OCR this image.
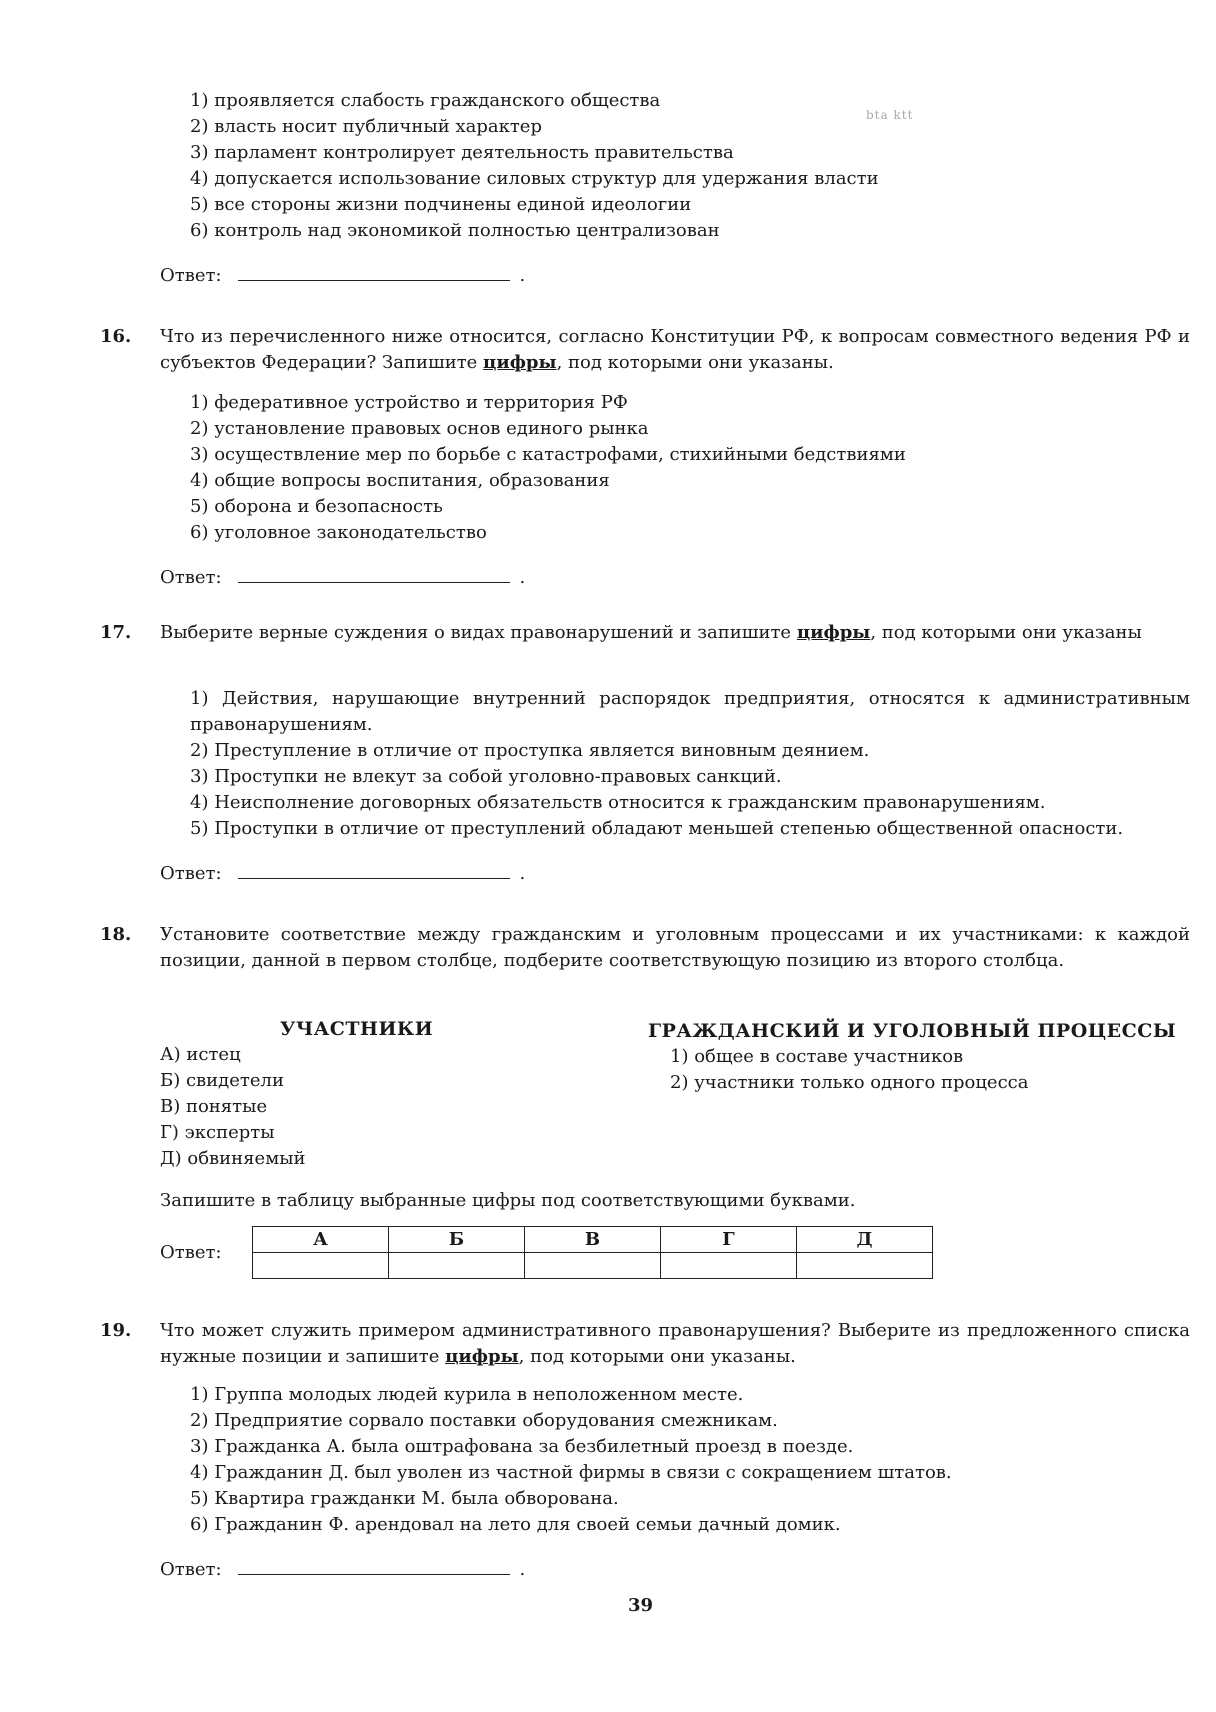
bta ktt
1) проявляется слабость гражданского общества
2) власть носит публичный характер
3) парламент контролирует деятельность правительства
4) допускается использование силовых структур для удержания власти
5) все стороны жизни подчинены единой идеологии
6) контроль над экономикой полностью централизован
Ответ:	.
16. Что из перечисленного ниже относится, согласно Конституции РФ, к вопросам совместного ведения РФ и субъектов Федерации? Запишите цифры, под которыми они указаны.
1) федеративное устройство и территория РФ
2) установление правовых основ единого рынка
3) осуществление мер по борьбе с катастрофами, стихийными бедствиями
4) общие вопросы воспитания, образования
5) оборона и безопасность
6) уголовное законодательство
Ответ:	.
17. Выберите верные суждения о видах правонарушений и запишите цифры, под которыми они указаны
1) Действия, нарушающие внутренний распорядок предприятия, относятся к административным правонарушениям.
2) Преступление в отличие от проступка является виновным деянием.
3) Проступки не влекут за собой уголовно-правовых санкций.
4) Неисполнение договорных обязательств относится к гражданским правонарушениям.
5) Проступки в отличие от преступлений обладают меньшей степенью общественной опасности.
Ответ:	.
18. Установите соответствие между гражданским и уголовным процессами и их участниками: к каждой позиции, данной в первом столбце, подберите соответствующую позицию из второго столбца.
УЧАСТНИКИ	ГРАЖДАНСКИЙ И УГОЛОВНЫЙ ПРОЦЕССЫ
А) истец
Б) свидетели
В) понятые
Г) эксперты
Д) обвиняемый
1) общее в составе участников
2) участники только одного процесса
Запишите в таблицу выбранные цифры под соответствующими буквами.
Ответ:
А	Б	В	Г	Д

19. Что может служить примером административного правонарушения? Выберите из предложенного списка нужные позиции и запишите цифры, под которыми они указаны.
1) Группа молодых людей курила в неположенном месте.
2) Предприятие сорвало поставки оборудования смежникам.
3) Гражданка А. была оштрафована за безбилетный проезд в поезде.
4) Гражданин Д. был уволен из частной фирмы в связи с сокращением штатов.
5) Квартира гражданки М. была обворована.
6) Гражданин Ф. арендовал на лето для своей семьи дачный домик.
Ответ:	.
39
